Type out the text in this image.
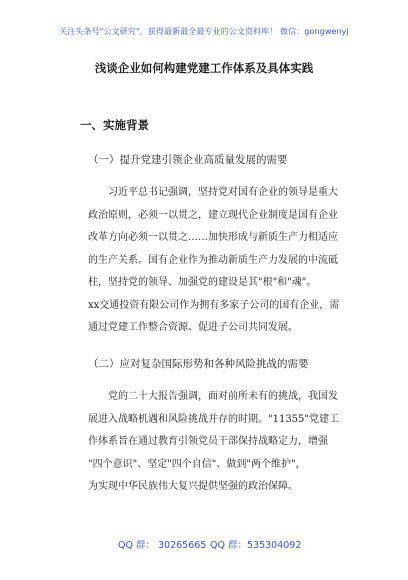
关注头条号"公文研究"，获得最新最全最专业的公文资料库！ 微信：gongwenyj
浅谈企业如何构建党建工作体系及具体实践
一、实施背景
（一）提升党建引领企业高质量发展的需要
习近平总书记强调，坚持党对国有企业的领导是重大
政治原则，必须一以贯之，建立现代企业制度是国有企业
改革方向必须一以贯之……加快形成与新质生产力相适应
的生产关系。国有企业作为推动新质生产力发展的中流砥
柱，坚持党的领导、加强党的建设是其"根"和"魂"。
xx交通投资有限公司作为拥有多家子公司的国有企业，需
通过党建工作整合资源、促进子公司共同发展。
（二）应对复杂国际形势和各种风险挑战的需要
党的二十大报告强调，面对前所未有的挑战，我国发
展进入战略机遇和风险挑战并存的时期。"11355"党建工
作体系旨在通过教育引领党员干部保持战略定力，增强
"四个意识"、坚定"四个自信"、做到"两个维护"，
为实现中华民族伟大复兴提供坚强的政治保障。
QQ 群： 30265665 QQ 群：535304092
